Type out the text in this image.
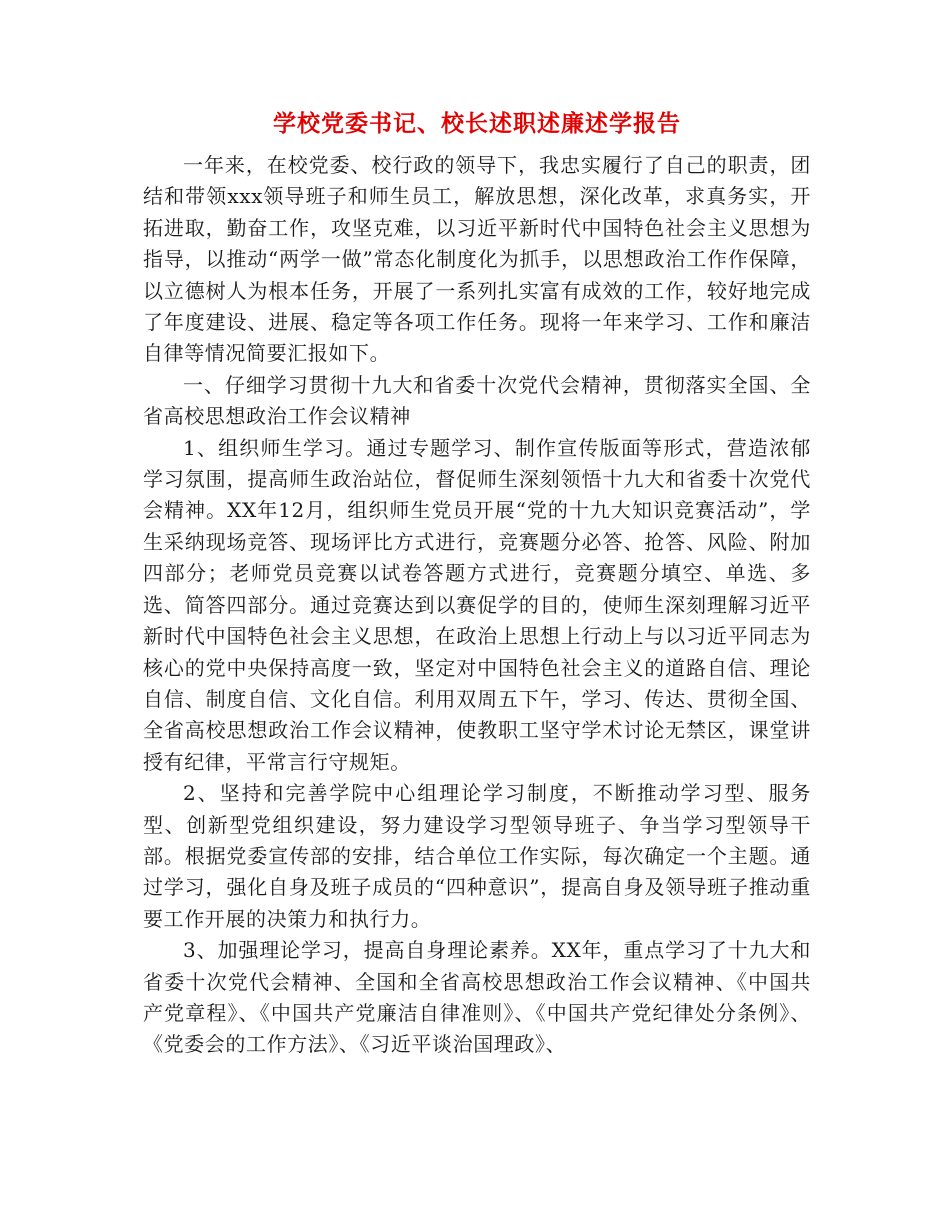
学校党委书记、校长述职述廉述学报告

一年来，在校党委、校行政的领导下，我忠实履行了自己的职责，团结和带领xxx领导班子和师生员工，解放思想，深化改革，求真务实，开拓进取，勤奋工作，攻坚克难，以习近平新时代中国特色社会主义思想为指导，以推动“两学一做”常态化制度化为抓手，以思想政治工作作保障，以立德树人为根本任务，开展了一系列扎实富有成效的工作，较好地完成了年度建设、进展、稳定等各项工作任务。现将一年来学习、工作和廉洁自律等情况简要汇报如下。

一、仔细学习贯彻十九大和省委十次党代会精神，贯彻落实全国、全省高校思想政治工作会议精神

1、组织师生学习。通过专题学习、制作宣传版面等形式，营造浓郁学习氛围，提高师生政治站位，督促师生深刻领悟十九大和省委十次党代会精神。XX年12月，组织师生党员开展“党的十九大知识竞赛活动”，学生采纳现场竞答、现场评比方式进行，竞赛题分必答、抢答、风险、附加四部分；老师党员竞赛以试卷答题方式进行，竞赛题分填空、单选、多选、简答四部分。通过竞赛达到以赛促学的目的，使师生深刻理解习近平新时代中国特色社会主义思想，在政治上思想上行动上与以习近平同志为核心的党中央保持高度一致，坚定对中国特色社会主义的道路自信、理论自信、制度自信、文化自信。利用双周五下午，学习、传达、贯彻全国、全省高校思想政治工作会议精神，使教职工坚守学术讨论无禁区，课堂讲授有纪律，平常言行守规矩。

2、坚持和完善学院中心组理论学习制度，不断推动学习型、服务型、创新型党组织建设，努力建设学习型领导班子、争当学习型领导干部。根据党委宣传部的安排，结合单位工作实际，每次确定一个主题。通过学习，强化自身及班子成员的“四种意识”，提高自身及领导班子推动重要工作开展的决策力和执行力。

3、加强理论学习，提高自身理论素养。XX年，重点学习了十九大和省委十次党代会精神、全国和全省高校思想政治工作会议精神、《中国共产党章程》、《中国共产党廉洁自律准则》、《中国共产党纪律处分条例》、《党委会的工作方法》、《习近平谈治国理政》、
